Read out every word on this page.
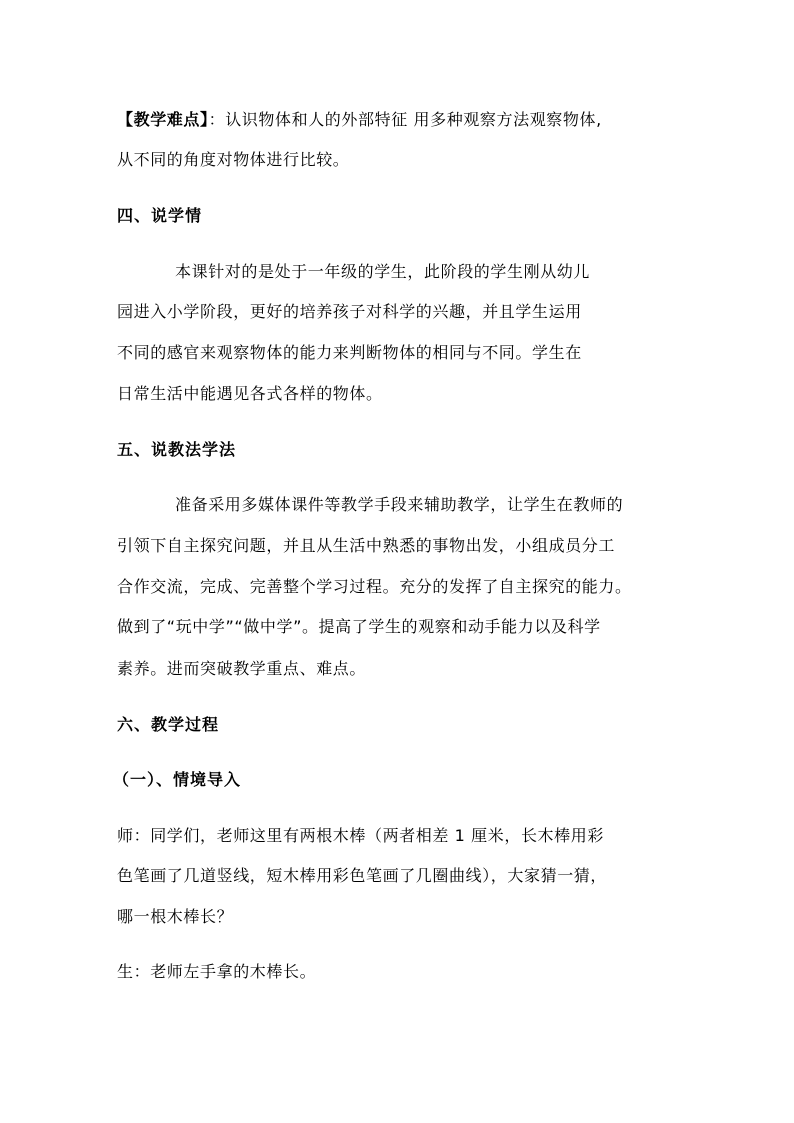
【教学难点】：认识物体和人的外部特征 用多种观察方法观察物体,
从不同的角度对物体进行比较。
四、说学情
本课针对的是处于一年级的学生，此阶段的学生刚从幼儿
园进入小学阶段，更好的培养孩子对科学的兴趣，并且学生运用
不同的感官来观察物体的能力来判断物体的相同与不同。学生在
日常生活中能遇见各式各样的物体。
五、说教法学法
准备采用多媒体课件等教学手段来辅助教学，让学生在教师的
引领下自主探究问题，并且从生活中熟悉的事物出发，小组成员分工
合作交流，完成、完善整个学习过程。充分的发挥了自主探究的能力。
做到了“玩中学”“做中学”。提高了学生的观察和动手能力以及科学
素养。进而突破教学重点、难点。
六、教学过程
（一）、情境导入
师：同学们，老师这里有两根木棒（两者相差 1 厘米，长木棒用彩
色笔画了几道竖线，短木棒用彩色笔画了几圈曲线），大家猜一猜，
哪一根木棒长？
生：老师左手拿的木棒长。
